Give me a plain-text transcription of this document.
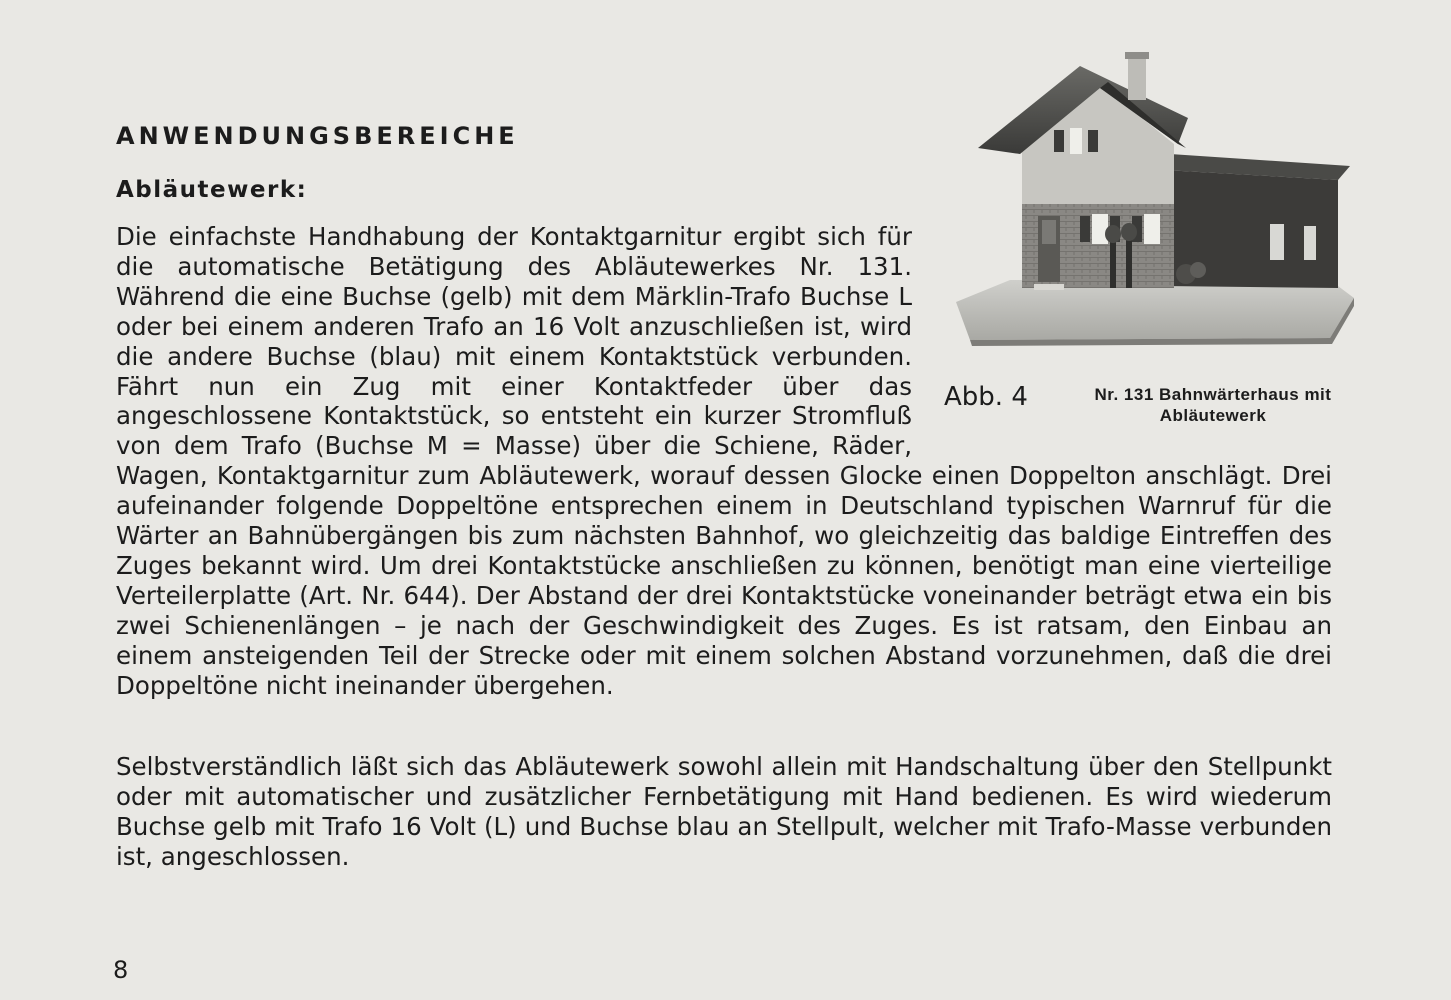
ANWENDUNGSBEREICHE
Abläutewerk:

Die einfachste Handhabung der Kontaktgarnitur ergibt sich für die automatische Betätigung des Abläutewerkes Nr. 131. Während die eine Buchse (gelb) mit dem Märklin-Trafo Buchse L oder bei einem anderen Trafo an 16 Volt anzuschließen ist, wird die andere Buchse (blau) mit einem Kontaktstück verbunden. Fährt nun ein Zug mit einer Kontaktfeder über das angeschlossene Kontaktstück, so entsteht ein kurzer Stromfluß von dem Trafo (Buchse M = Masse) über die Schiene, Räder, Wagen, Kontaktgarnitur zum Abläutewerk, worauf dessen Glocke einen Doppelton anschlägt. Drei aufeinander folgende Doppeltöne entsprechen einem in Deutschland typischen Warnruf für die Wärter an Bahnübergängen bis zum nächsten Bahnhof, wo gleichzeitig das baldige Eintreffen des Zuges bekannt wird. Um drei Kontaktstücke anschließen zu können, benötigt man eine vierteilige Verteilerplatte (Art. Nr. 644). Der Abstand der drei Kontaktstücke voneinander beträgt etwa ein bis zwei Schienenlängen – je nach der Geschwindigkeit des Zuges. Es ist ratsam, den Einbau an einem ansteigenden Teil der Strecke oder mit einem solchen Abstand vorzunehmen, daß die drei Doppeltöne nicht ineinander übergehen.

Selbstverständlich läßt sich das Abläutewerk sowohl allein mit Handschaltung über den Stellpunkt oder mit automatischer und zusätzlicher Fernbetätigung mit Hand bedienen. Es wird wiederum Buchse gelb mit Trafo 16 Volt (L) und Buchse blau an Stellpult, welcher mit Trafo-Masse verbunden ist, angeschlossen.

Abb. 4	Nr. 131 Bahnwärterhaus mit Abläutewerk

8
